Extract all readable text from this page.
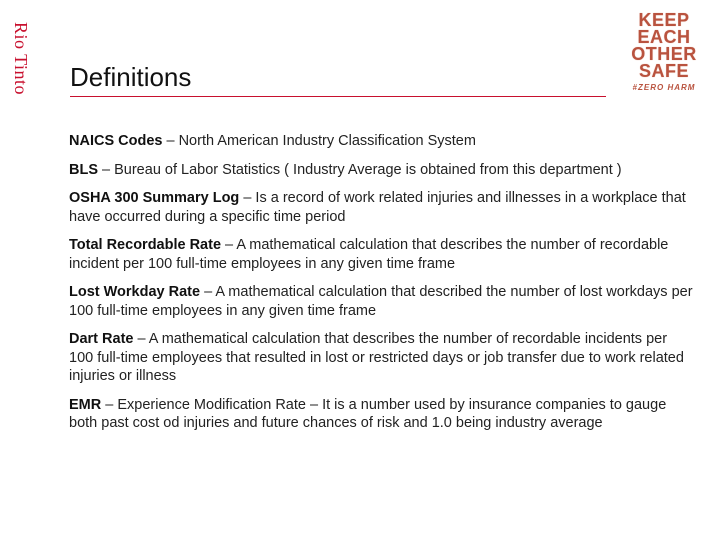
Rio Tinto
KEEP
EACH
OTHER
SAFE
#ZERO HARM
Definitions
NAICS Codes – North American Industry Classification System
BLS – Bureau of Labor Statistics ( Industry Average is obtained from this department )
OSHA 300 Summary Log – Is a record of work related injuries and illnesses in a workplace that have occurred during a specific time period
Total Recordable Rate – A mathematical calculation that describes the number of recordable incident per 100 full-time employees in any given time frame
Lost Workday Rate – A mathematical calculation that described the number of lost workdays per 100 full-time employees in any given time frame
Dart Rate – A mathematical calculation that describes the number of recordable incidents per 100 full-time employees that resulted in lost or restricted days or job transfer due to work related injuries or illness
EMR – Experience Modification Rate – It is a number used by insurance companies to gauge both past cost od injuries and future chances of risk and 1.0 being industry average
